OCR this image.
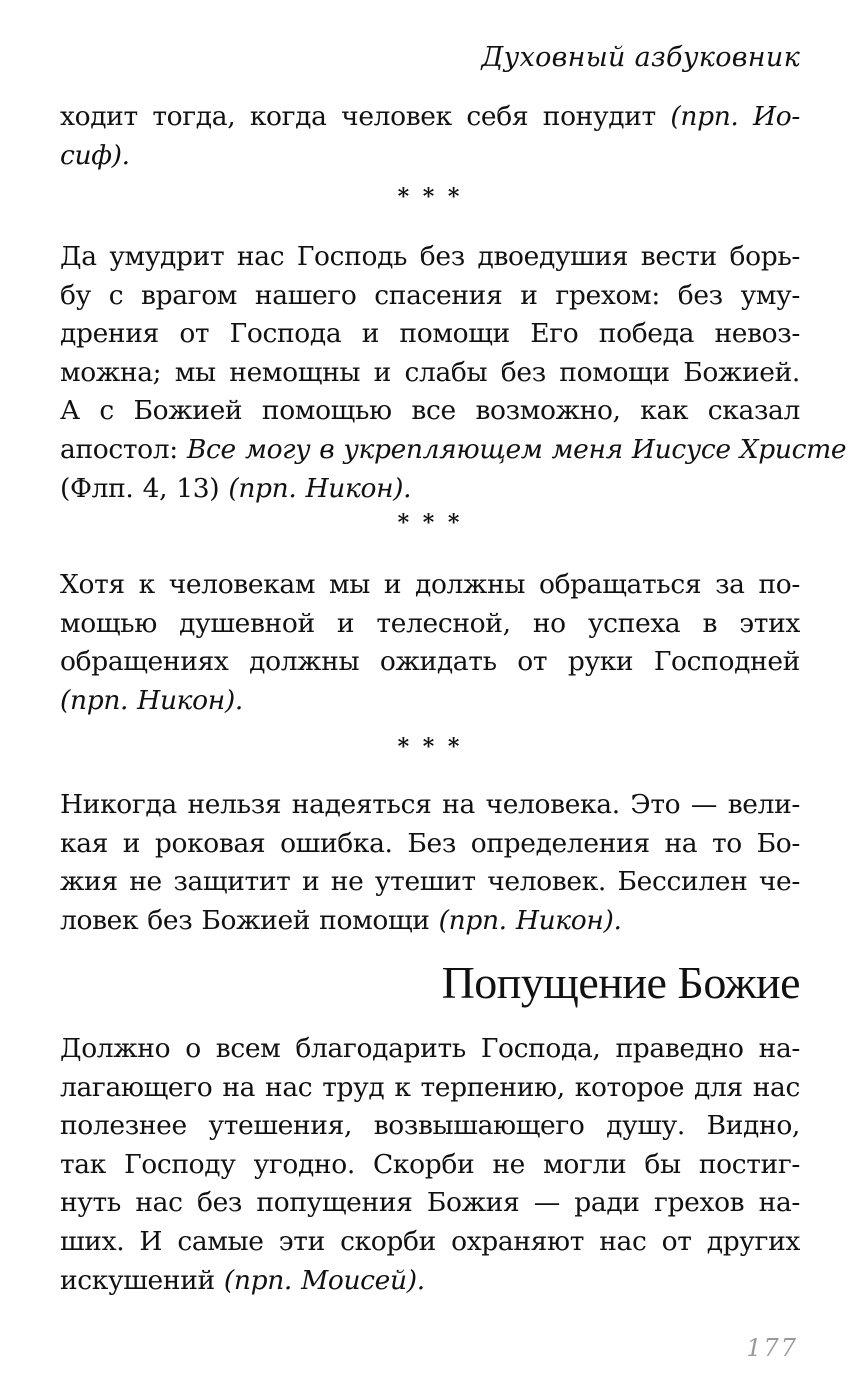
Духовный азбуковник
ходит тогда, когда человек себя понудит (прп. Ио-
сиф).
* * *
Да умудрит нас Господь без двоедушия вести борь-
бу с врагом нашего спасения и грехом: без уму-
дрения от Господа и помощи Его победа невоз-
можна; мы немощны и слабы без помощи Божией.
А с Божией помощью все возможно, как сказал
апостол: Все могу в укрепляющем меня Иисусе Христе
(Флп. 4, 13) (прп. Никон).
* * *
Хотя к человекам мы и должны обращаться за по-
мощью душевной и телесной, но успеха в этих
обращениях должны ожидать от руки Господней
(прп. Никон).
* * *
Никогда нельзя надеяться на человека. Это — вели-
кая и роковая ошибка. Без определения на то Бо-
жия не защитит и не утешит человек. Бессилен че-
ловек без Божией помощи (прп. Никон).
Попущение Божие
Должно о всем благодарить Господа, праведно на-
лагающего на нас труд к терпению, которое для нас
полезнее утешения, возвышающего душу. Видно,
так Господу угодно. Скорби не могли бы постиг-
нуть нас без попущения Божия — ради грехов на-
ших. И самые эти скорби охраняют нас от других
искушений (прп. Моисей).
177
